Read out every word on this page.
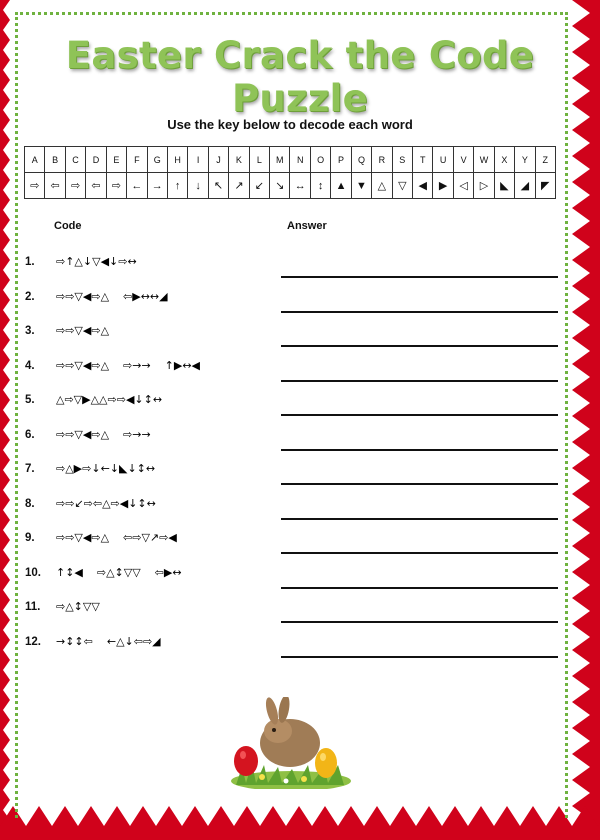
Easter Crack the Code Puzzle
Use the key below to decode each word
A	B	C	D	E	F	G	H	I	J	K	L	M	N	O	P	Q	R	S	T	U	V	W	X	Y	Z
⇨	⇦	⇨	⇦	⇨	←	→	↑	↓	↖	↗	↙	↘	↔	↕	▲	▼	△	▽	◀	▶	◁	▷	◣	◢	◤
Code	Answer
1. ⇨↑△↓▽◀↓⇨↔
2. ⇨⇨▽◀⇨△    ⇦▶↔↔◢
3. ⇨⇨▽◀⇨△
4. ⇨⇨▽◀⇨△    ⇨→→    ↑▶↔◀
5. △⇨▽▶△△⇨⇨◀↓↕↔
6. ⇨⇨▽◀⇨△    ⇨→→
7. ⇨△▶⇨↓←↓◣↓↕↔
8. ⇨⇨↙⇨⇦△⇨◀↓↕↔
9. ⇨⇨▽◀⇨△    ⇦⇨▽↗⇨◀
10. ↑↕◀    ⇨△↕▽▽    ⇦▶↔
11. ⇨△↕▽▽
12. →↕↕⇦    ←△↓⇦⇨◢
